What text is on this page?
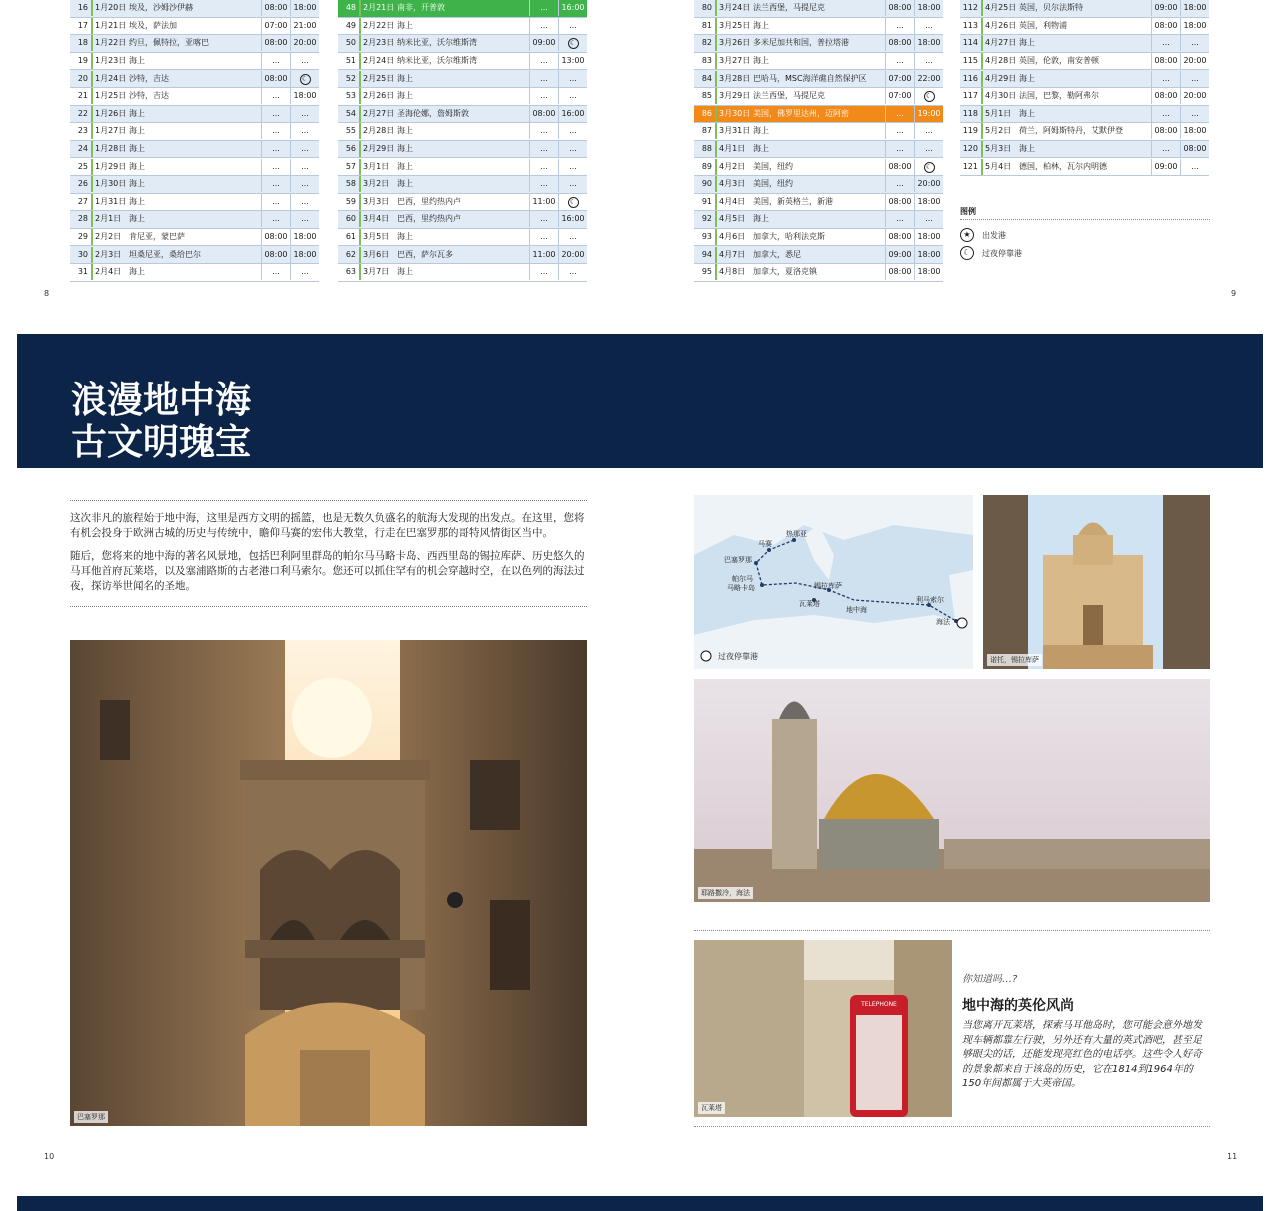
16 1月20日 埃及，沙姆沙伊赫	08:00 18:00
17 1月21日 埃及，萨法加	07:00 21:00
18 1月22日 约旦，佩特拉，亚喀巴	08:00 20:00
19 1月23日 海上	...	...
20 1月24日 沙特，吉达	08:00	☾
21 1月25日 沙特，吉达	...	18:00
22 1月26日 海上	...	...
23 1月27日 海上	...	...
24 1月28日 海上	...	...
25 1月29日 海上	...	...
26 1月30日 海上	...	...
27 1月31日 海上	...	...
28 2月1日 海上	...	...
29 2月2日 肯尼亚，蒙巴萨	08:00 18:00
30 2月3日 坦桑尼亚，桑给巴尔	08:00 18:00
31 2月4日 海上	...	...
48 2月21日 南非，开普敦	...	16:00
49 2月22日 海上	...	...
50 2月23日 纳米比亚，沃尔维斯湾	09:00	☾
51 2月24日 纳米比亚，沃尔维斯湾	...	13:00
52 2月25日 海上	...	...
53 2月26日 海上	...	...
54 2月27日 圣海伦娜，詹姆斯敦	08:00 16:00
55 2月28日 海上	...	...
56 2月29日 海上	...	...
57 3月1日 海上	...	...
58 3月2日 海上	...	...
59 3月3日 巴西，里约热内卢	11:00	☾
60 3月4日 巴西，里约热内卢	...	16:00
61 3月5日 海上	...	...
62 3月6日 巴西，萨尔瓦多	11:00 20:00
63 3月7日 海上	...	...
80 3月24日 法兰西堡，马提尼克	08:00 18:00
81 3月25日 海上	...	...
82 3月26日 多米尼加共和国，普拉塔港	08:00 18:00
83 3月27日 海上	...	...
84 3月28日 巴哈马，MSC海洋礁自然保护区	07:00 22:00
85 3月29日 法兰西堡，马提尼克	07:00	☾
86 3月30日 美国，佛罗里达州，迈阿密	...	19:00
87 3月31日 海上	...	...
88 4月1日 海上	...	...
89 4月2日 美国，纽约	08:00	☾
90 4月3日 美国，纽约	...	20:00
91 4月4日 美国，新英格兰，新港	08:00 18:00
92 4月5日 海上	...	...
93 4月6日 加拿大，哈利法克斯	08:00 18:00
94 4月7日 加拿大，悉尼	09:00 18:00
95 4月8日 加拿大，夏洛克镇	08:00 18:00
112 4月25日 英国，贝尔法斯特	09:00 18:00
113 4月26日 英国，利物浦	08:00 18:00
114 4月27日 海上	...	...
115 4月28日 英国，伦敦，南安普顿	08:00 20:00
116 4月29日 海上	...	...
117 4月30日 法国，巴黎，勒阿弗尔	08:00 20:00
118 5月1日 海上	...	...
119 5月2日 荷兰，阿姆斯特丹，艾默伊登	08:00 18:00
120 5月3日 海上	...	08:00
121 5月4日 德国，柏林，瓦尔内明德	09:00	...
8	9
图例
★	出发港
☾	过夜停靠港
浪漫地中海
古文明瑰宝

这次非凡的旅程始于地中海，这里是西方文明的摇篮，也是无数久负盛名的航海大发现的出发点。在这里，您将有机会投身于欧洲古城的历史与传统中，瞻仰马赛的宏伟大教堂，行走在巴塞罗那的哥特风情街区当中。

随后，您将来的地中海的著名风景地，包括巴利阿里群岛的帕尔马马略卡岛、西西里岛的锡拉库萨、历史悠久的马耳他首府瓦莱塔，以及塞浦路斯的古老港口利马索尔。您还可以抓住罕有的机会穿越时空，在以色列的海法过夜，探访举世闻名的圣地。

巴塞罗那
热那亚
马赛
巴塞罗那
帕尔马
马略卡岛	锡拉库萨
瓦莱塔
地中海
利马索尔
海法
过夜停靠港	诺托，锡拉库萨
耶路撒冷，海法
TELEPHONE
瓦莱塔
你知道吗…?
地中海的英伦风尚

当您离开瓦莱塔，探索马耳他岛时，您可能会意外地发现车辆都靠左行驶，另外还有大量的英式酒吧，甚至足够眼尖的话，还能发现亮红色的电话亭。这些令人好奇的景象都来自于该岛的历史，它在1814到1964年的150年间都属于大英帝国。

10	11
